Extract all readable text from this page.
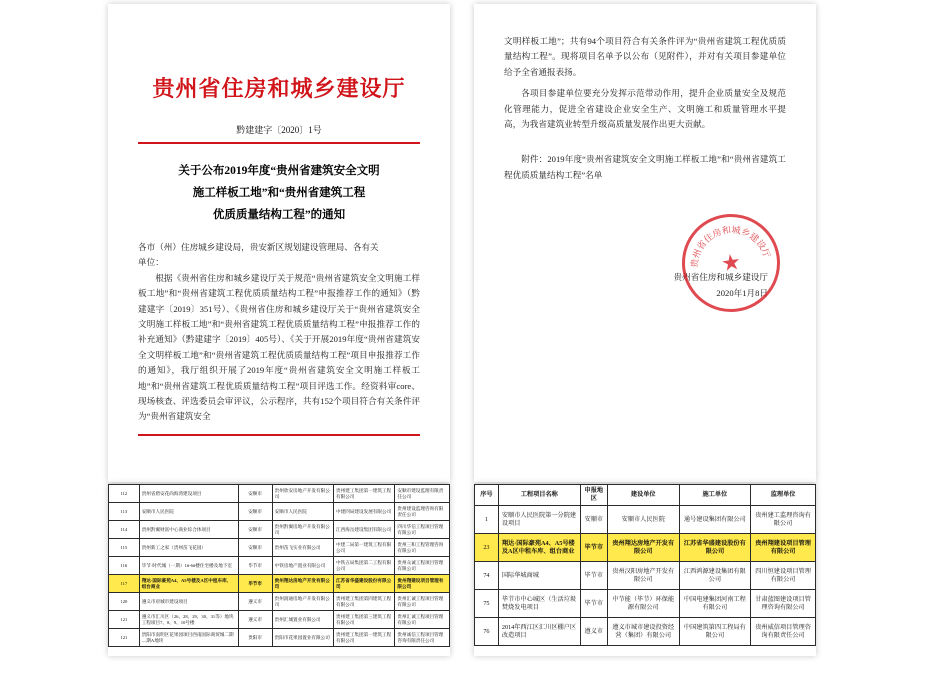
贵州省住房和城乡建设厅
黔建建字〔2020〕1号
关于公布2019年度“贵州省建筑安全文明
施工样板工地”和“贵州省建筑工程
优质质量结构工程”的通知

各市（州）住房城乡建设局，贵安新区规划建设管理局、各有关

单位：

根据《贵州省住房和城乡建设厅关于规范“贵州省建筑安全文明施工样板工地”和“贵州省建筑工程优质质量结构工程”申报推荐工作的通知》（黔建建字〔2019〕351号）、《贵州省住房和城乡建设厅关于“贵州省建筑安全文明施工样板工地”和“贵州省建筑工程优质质量结构工程”申报推荐工作的补充通知》（黔建建字〔2019〕405号）、《关于开展2019年度“贵州省建筑安全文明样板工地”和“贵州省建筑工程优质质量结构工程”项目申报推荐工作的通知》，我厅组织开展了2019年度“贵州省建筑安全文明施工样板工地”和“贵州省建筑工程优质质量结构工程”项目评选工作。经资料审core、现场核查、评选委员会审评议，公示程序，共有152个项目符合有关条件评为“贵州省建筑安全

文明样板工地”；共有94个项目符合有关条件评为“贵州省建筑工程优质质量结构工程”。现将项目名单予以公布（见附件），并对有关项目参建单位给予全省通报表扬。

各项目参建单位要充分发挥示范带动作用，提升企业质量安全及规范化管理能力，促进全省建设企业安全生产、文明施工和质量管理水平提高，为我省建筑业转型升级高质量发展作出更大贡献。

附件：2019年度“贵州省建筑安全文明施工样板工地”和“贵州省建筑工程优质质量结构工程”名单

贵州省住房和城乡建设厅
★
贵州省住房和城乡建设厅
2020年1月8日
112	贵州省碧安花尚海湾建设项目	安顺市	贵州欣安房地产开发有限公司	贵州建工集团第一建筑工程有限公司	安顺市建设监理有限责任公司
113	安顺市人民医院	安顺市	安顺市人民医院	中建四局建设发展有限公司	贵州建设监理咨询有限责任公司
114	贵州黔翼财富中心商业综合体项目	安顺市	贵州黔翼房地产开发有限公司	江西海岳建设集团有限公司	四川华信工程项目管理有限公司
115	贵州新工之家（贵州苗飞花园）	安顺市	贵州苗飞实业有限公司	中建二局第一建筑工程有限公司	贵州三和工程管理咨询有限公司
116	毕节·时代城（一期）1#-6#楼住宅楼及地下室	毕节市	中铁房地产置业有限公司	中铁五局集团第二工程有限公司	贵州众诚工程项目管理有限公司
117	翔达·国际豪苑A4、A5号楼及A区中租车库、组台商业	毕节市	贵州翔达房地产开发有限公司	江苏省华盛建设股份有限公司	贵州翔建设项目管理有限公司
120	遵义市府城市建设项目	遵义市	贵州润通房地产开发有限公司	贵州建工集团第四建筑工程有限公司	贵州汇诚工程项目管理有限公司
121	遵义市汇川区（26、28、29、30、31等）地块工程项目7、8、9、10号楼	遵义市	贵州汇城置业有限公司	贵州建工集团第三建筑工程有限公司	贵州汇诚工程项目管理有限公司
121	贵阳市南明区花果园项目西南国际商贸城二期—期A地块	贵阳市	贵阳市花果园置业有限公司	贵州建工集团第一建筑工程有限公司	贵州诚信工程项目管理咨询有限责任公司
序号	工程项目名称	申报地区	建设单位	施工单位	监理单位
1	安顺市人民医院第一分院建设项目	安顺市	安顺市人民医院	通号建设集团有限公司	贵州建工监理咨询有限公司
23	翔达·国际豪苑A4、A5号楼及A区中租车库、组台商业	毕节市	贵州翔达房地产开发有限公司	江苏省华盛建设股份有限公司	贵州翔建设项目管理有限公司
74	国际华城商城	毕节市	贵州汉阳房地产开发有限公司	江西鸿源建设集团有限公司	四川恒建设项目管理有限公司
75	毕节市中心城区（生活垃圾焚烧发电项目	毕节市	中节能（毕节）环保能源有限公司	中国电建集团河南工程有限公司	甘肃蓝图建设项目管理咨询有限公司
76	2014年西江区汇川区棚户区改造项目	遵义市	遵义市城市建设投资经营（集团）有限公司	中国建筑第四工程局有限公司	贵州威信项目管理咨询有限责任公司
